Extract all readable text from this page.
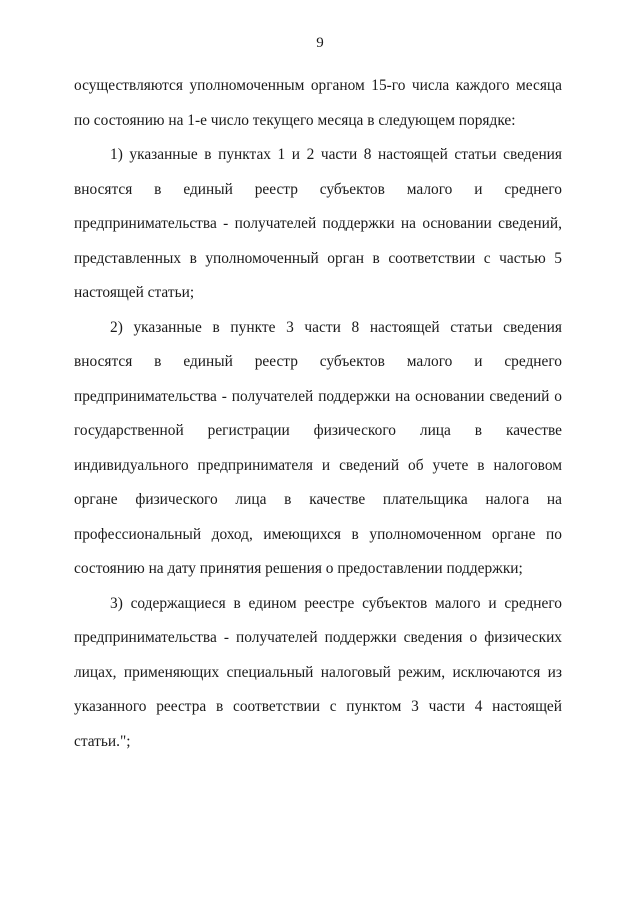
9

осуществляются уполномоченным органом 15-го числа каждого месяца по состоянию на 1-е число текущего месяца в следующем порядке:

1) указанные в пунктах 1 и 2 части 8 настоящей статьи сведения вносятся в единый реестр субъектов малого и среднего предпринимательства - получателей поддержки на основании сведений, представленных в уполномоченный орган в соответствии с частью 5 настоящей статьи;

2) указанные в пункте 3 части 8 настоящей статьи сведения вносятся в единый реестр субъектов малого и среднего предпринимательства - получателей поддержки на основании сведений о государственной регистрации физического лица в качестве индивидуального предпринимателя и сведений об учете в налоговом органе физического лица в качестве плательщика налога на профессиональный доход, имеющихся в уполномоченном органе по состоянию на дату принятия решения о предоставлении поддержки;

3) содержащиеся в едином реестре субъектов малого и среднего предпринимательства - получателей поддержки сведения о физических лицах, применяющих специальный налоговый режим, исключаются из указанного реестра в соответствии с пунктом 3 части 4 настоящей статьи.";
